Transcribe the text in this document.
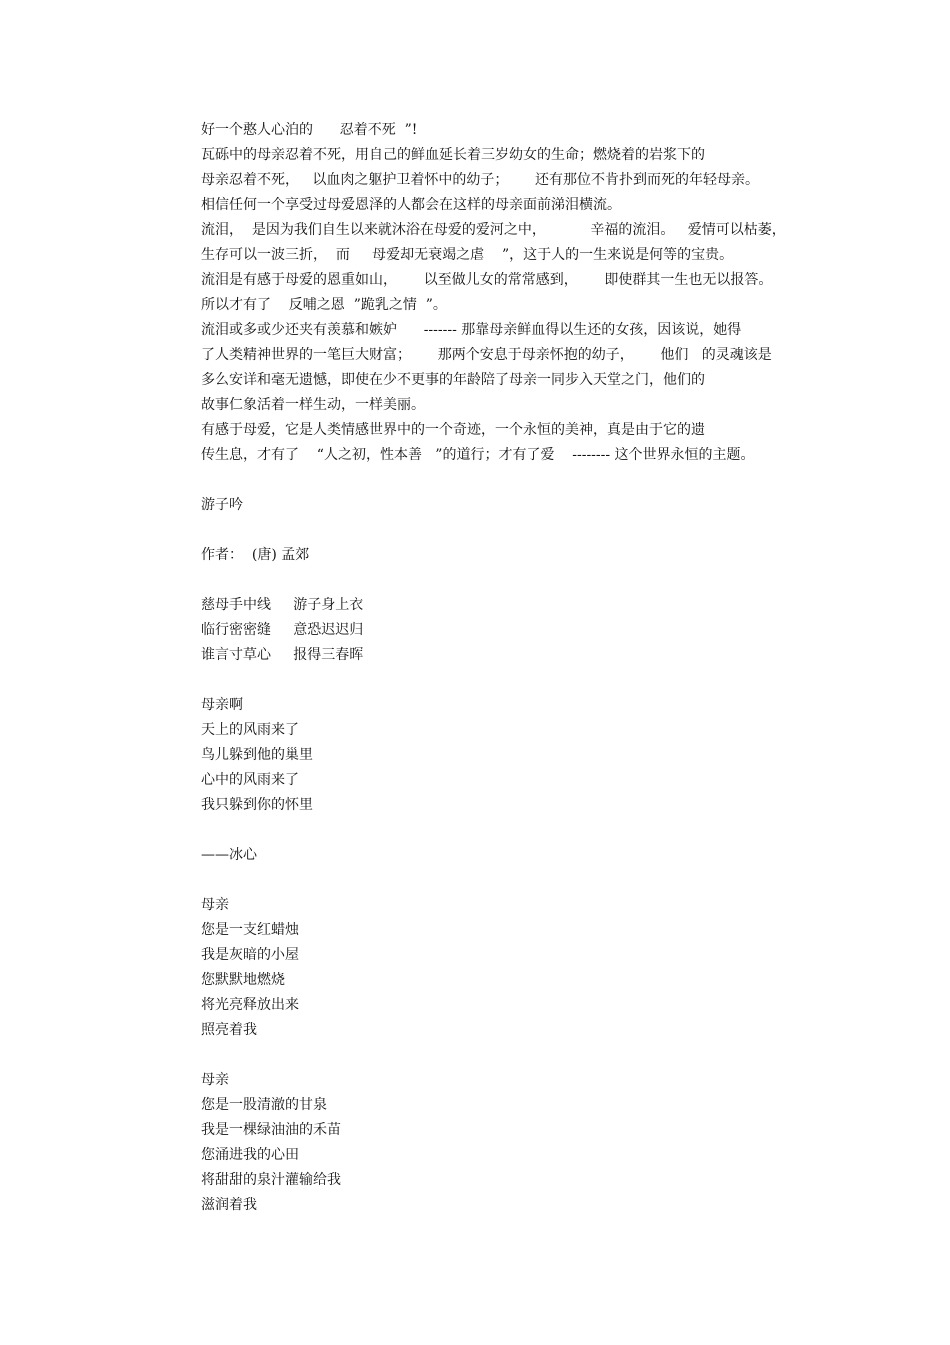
好一个憨人心泊的      忍着不死  ”!
瓦砾中的母亲忍着不死，用自己的鲜血延长着三岁幼女的生命；燃烧着的岩浆下的
母亲忍着不死，   以血肉之躯护卫着怀中的幼子；      还有那位不肯扑到而死的年轻母亲。
相信任何一个享受过母爱恩泽的人都会在这样的母亲面前涕泪横流。
流泪，  是因为我们自生以来就沐浴在母爱的爱河之中，          辛福的流泪。   爱情可以枯萎，
生存可以一波三折，  而     母爱却无衰竭之虐    ”，这于人的一生来说是何等的宝贵。
流泪是有感于母爱的恩重如山，      以至做儿女的常常感到，      即使群其一生也无以报答。
所以才有了    反哺之恩  ”跪乳之情  ”。
流泪或多或少还夹有羡慕和嫉妒      ------- 那靠母亲鲜血得以生还的女孩，因该说，她得
了人类精神世界的一笔巨大财富；      那两个安息于母亲怀抱的幼子，      他们   的灵魂该是
多么安详和毫无遗憾，即使在少不更事的年龄陪了母亲一同步入天堂之门，他们的
故事仁象活着一样生动，一样美丽。
有感于母爱，它是人类情感世界中的一个奇迹，一个永恒的美神，真是由于它的遗
传生息，才有了    “人之初，性本善   ”的道行；才有了爱    -------- 这个世界永恒的主题。
游子吟
作者：  (唐) 孟郊
慈母手中线     游子身上衣
临行密密缝     意恐迟迟归
谁言寸草心     报得三春晖
母亲啊
天上的风雨来了
鸟儿躲到他的巢里
心中的风雨来了
我只躲到你的怀里
——冰心
母亲
您是一支红蜡烛
我是灰暗的小屋
您默默地燃烧
将光亮释放出来
照亮着我
母亲
您是一股清澈的甘泉
我是一棵绿油油的禾苗
您涌进我的心田
将甜甜的泉汁灌输给我
滋润着我
